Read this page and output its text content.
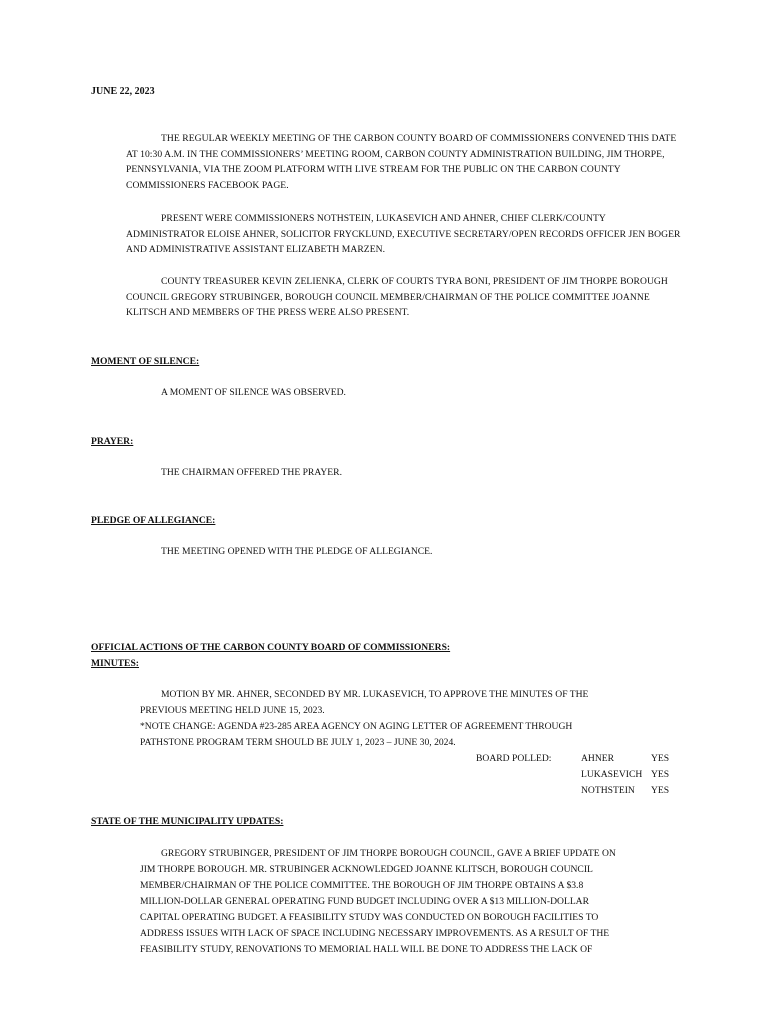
JUNE 22, 2023

THE REGULAR WEEKLY MEETING OF THE CARBON COUNTY BOARD OF COMMISSIONERS CONVENED THIS DATE AT 10:30 A.M. IN THE COMMISSIONERS’ MEETING ROOM, CARBON COUNTY ADMINISTRATION BUILDING, JIM THORPE, PENNSYLVANIA, VIA THE ZOOM PLATFORM WITH LIVE STREAM FOR THE PUBLIC ON THE CARBON COUNTY COMMISSIONERS FACEBOOK PAGE.

PRESENT WERE COMMISSIONERS NOTHSTEIN, LUKASEVICH AND AHNER, CHIEF CLERK/COUNTY ADMINISTRATOR ELOISE AHNER, SOLICITOR FRYCKLUND, EXECUTIVE SECRETARY/OPEN RECORDS OFFICER JEN BOGER AND ADMINISTRATIVE ASSISTANT ELIZABETH MARZEN.

COUNTY TREASURER KEVIN ZELIENKA, CLERK OF COURTS TYRA BONI, PRESIDENT OF JIM THORPE BOROUGH COUNCIL GREGORY STRUBINGER, BOROUGH COUNCIL MEMBER/CHAIRMAN OF THE POLICE COMMITTEE JOANNE KLITSCH AND MEMBERS OF THE PRESS WERE ALSO PRESENT.

MOMENT OF SILENCE:
A MOMENT OF SILENCE WAS OBSERVED.
PRAYER:
THE CHAIRMAN OFFERED THE PRAYER.
PLEDGE OF ALLEGIANCE:
THE MEETING OPENED WITH THE PLEDGE OF ALLEGIANCE.
OFFICIAL ACTIONS OF THE CARBON COUNTY BOARD OF COMMISSIONERS:
MINUTES:
MOTION BY MR. AHNER, SECONDED BY MR. LUKASEVICH, TO APPROVE THE MINUTES OF THE
PREVIOUS MEETING HELD JUNE 15, 2023.
*NOTE CHANGE: AGENDA #23-285 AREA AGENCY ON AGING LETTER OF AGREEMENT THROUGH
PATHSTONE PROGRAM TERM SHOULD BE JULY 1, 2023 – JUNE 30, 2024.
BOARD POLLED:	AHNER	YES
LUKASEVICH YES
NOTHSTEIN YES
STATE OF THE MUNICIPALITY UPDATES:
GREGORY STRUBINGER, PRESIDENT OF JIM THORPE BOROUGH COUNCIL, GAVE A BRIEF UPDATE ON
JIM THORPE BOROUGH. MR. STRUBINGER ACKNOWLEDGED JOANNE KLITSCH, BOROUGH COUNCIL
MEMBER/CHAIRMAN OF THE POLICE COMMITTEE. THE BOROUGH OF JIM THORPE OBTAINS A $3.8
MILLION-DOLLAR GENERAL OPERATING FUND BUDGET INCLUDING OVER A $13 MILLION-DOLLAR
CAPITAL OPERATING BUDGET. A FEASIBILITY STUDY WAS CONDUCTED ON BOROUGH FACILITIES TO
ADDRESS ISSUES WITH LACK OF SPACE INCLUDING NECESSARY IMPROVEMENTS. AS A RESULT OF THE
FEASIBILITY STUDY, RENOVATIONS TO MEMORIAL HALL WILL BE DONE TO ADDRESS THE LACK OF
